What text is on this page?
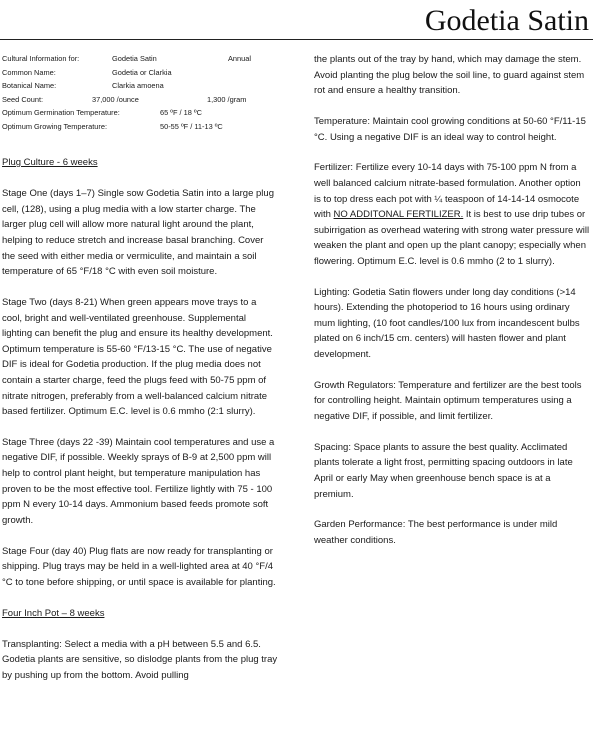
Godetia Satin
Cultural Information for:	Godetia Satin	Annual
Common Name:	Godetia or Clarkia
Botanical Name:	Clarkia amoena
Seed Count:	37,000 /ounce	1,300 /gram
Optimum Germination Temperature:	65 ºF / 18 ºC
Optimum Growing Temperature:	50-55 ºF / 11-13 ºC
Plug Culture - 6 weeks

Stage One (days 1–7) Single sow Godetia Satin into a large plug cell, (128), using a plug media with a low starter charge. The larger plug cell will allow more natural light around the plant, helping to reduce stretch and increase basal branching. Cover the seed with either media or vermiculite, and maintain a soil temperature of 65 °F/18 °C with even soil moisture.

Stage Two (days 8-21) When green appears move trays to a cool, bright and well-ventilated greenhouse. Supplemental lighting can benefit the plug and ensure its healthy development. Optimum temperature is 55-60 °F/13-15 °C. The use of negative DIF is ideal for Godetia production. If the plug media does not contain a starter charge, feed the plugs feed with 50-75 ppm of nitrate nitrogen, preferably from a well-balanced calcium nitrate based fertilizer. Optimum E.C. level is 0.6 mmho (2:1 slurry).

Stage Three (days 22 -39) Maintain cool temperatures and use a negative DIF, if possible. Weekly sprays of B-9 at 2,500 ppm will help to control plant height, but temperature manipulation has proven to be the most effective tool. Fertilize lightly with 75 - 100 ppm N every 10-14 days. Ammonium based feeds promote soft growth.

Stage Four (day 40) Plug flats are now ready for transplanting or shipping. Plug trays may be held in a well-lighted area at 40 °F/4 °C to tone before shipping, or until space is available for planting.

Four Inch Pot – 8 weeks

Transplanting: Select a media with a pH between 5.5 and 6.5. Godetia plants are sensitive, so dislodge plants from the plug tray by pushing up from the bottom. Avoid pulling

the plants out of the tray by hand, which may damage the stem. Avoid planting the plug below the soil line, to guard against stem rot and ensure a healthy transition.

Temperature: Maintain cool growing conditions at 50-60 °F/11-15 °C. Using a negative DIF is an ideal way to control height.

Fertilizer: Fertilize every 10-14 days with 75-100 ppm N from a well balanced calcium nitrate-based formulation. Another option is to top dress each pot with ¼ teaspoon of 14-14-14 osmocote with NO ADDITONAL FERTILIZER. It is best to use drip tubes or subirrigation as overhead watering with strong water pressure will weaken the plant and open up the plant canopy; especially when flowering. Optimum E.C. level is 0.6 mmho (2 to 1 slurry).

Lighting: Godetia Satin flowers under long day conditions (>14 hours). Extending the photoperiod to 16 hours using ordinary mum lighting, (10 foot candles/100 lux from incandescent bulbs plated on 6 inch/15 cm. centers) will hasten flower and plant development.

Growth Regulators: Temperature and fertilizer are the best tools for controlling height. Maintain optimum temperatures using a negative DIF, if possible, and limit fertilizer.

Spacing: Space plants to assure the best quality. Acclimated plants tolerate a light frost, permitting spacing outdoors in late April or early May when greenhouse bench space is at a premium.

Garden Performance: The best performance is under mild weather conditions.
